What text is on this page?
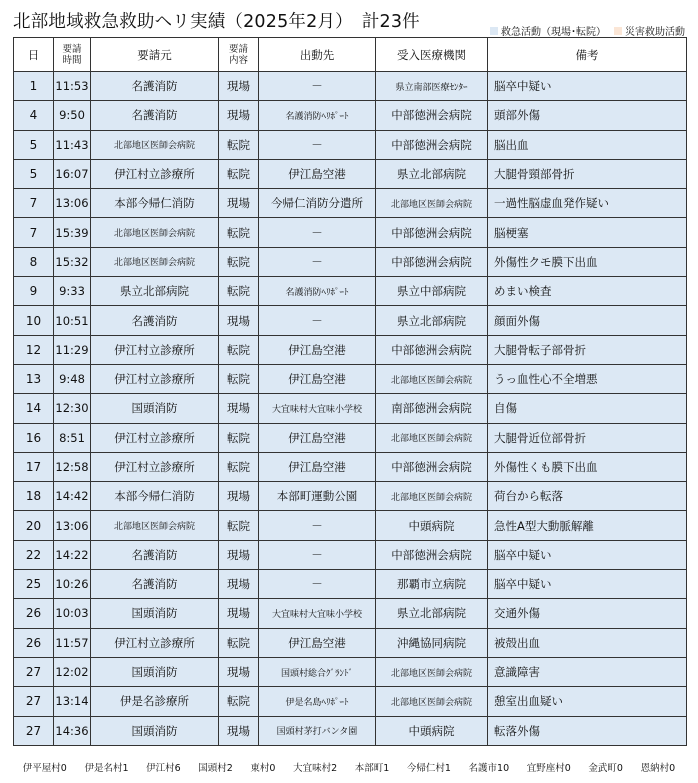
北部地域救急救助ヘリ実績（2025年2月）　計23件
救急活動（現場･転院） 災害救助活動
日	要請
時間	要請元	要請
内容	出動先	受入医療機関	備考
1	11:53	名護消防	現場	－	県立南部医療ｾﾝﾀｰ	脳卒中疑い
4	9:50	名護消防	現場	名護消防ﾍﾘﾎﾟｰﾄ	中部徳洲会病院	頭部外傷
5	11:43	北部地区医師会病院	転院	－	中部徳洲会病院	脳出血
5	16:07	伊江村立診療所	転院	伊江島空港	県立北部病院	大腿骨頸部骨折
7	13:06	本部今帰仁消防	現場	今帰仁消防分遣所	北部地区医師会病院	一過性脳虚血発作疑い
7	15:39	北部地区医師会病院	転院	－	中部徳洲会病院	脳梗塞
8	15:32	北部地区医師会病院	転院	－	中部徳洲会病院	外傷性クモ膜下出血
9	9:33	県立北部病院	転院	名護消防ﾍﾘﾎﾟｰﾄ	県立中部病院	めまい検査
10	10:51	名護消防	現場	－	県立北部病院	顔面外傷
12	11:29	伊江村立診療所	転院	伊江島空港	中部徳洲会病院	大腿骨転子部骨折
13	9:48	伊江村立診療所	転院	伊江島空港	北部地区医師会病院	うっ血性心不全増悪
14	12:30	国頭消防	現場	大宜味村大宜味小学校	南部徳洲会病院	自傷
16	8:51	伊江村立診療所	転院	伊江島空港	北部地区医師会病院	大腿骨近位部骨折
17	12:58	伊江村立診療所	転院	伊江島空港	中部徳洲会病院	外傷性くも膜下出血
18	14:42	本部今帰仁消防	現場	本部町運動公園	北部地区医師会病院	荷台から転落
20	13:06	北部地区医師会病院	転院	－	中頭病院	急性A型大動脈解離
22	14:22	名護消防	現場	－	中部徳洲会病院	脳卒中疑い
25	10:26	名護消防	現場	－	那覇市立病院	脳卒中疑い
26	10:03	国頭消防	現場	大宜味村大宜味小学校	県立北部病院	交通外傷
26	11:57	伊江村立診療所	転院	伊江島空港	沖縄協同病院	被殻出血
27	12:02	国頭消防	現場	国頭村総合ｸﾞﾗﾝﾄﾞ	北部地区医師会病院	意識障害
27	13:14	伊是名診療所	転院	伊是名島ﾍﾘﾎﾟｰﾄ	北部地区医師会病院	憩室出血疑い
27	14:36	国頭消防	現場	国頭村茅打バンタ園	中頭病院	転落外傷
伊平屋村0 伊是名村1 伊江村6 国頭村2 東村0 大宜味村2 本部町1 今帰仁村1 名護市10 宜野座村0 金武町0 恩納村0
